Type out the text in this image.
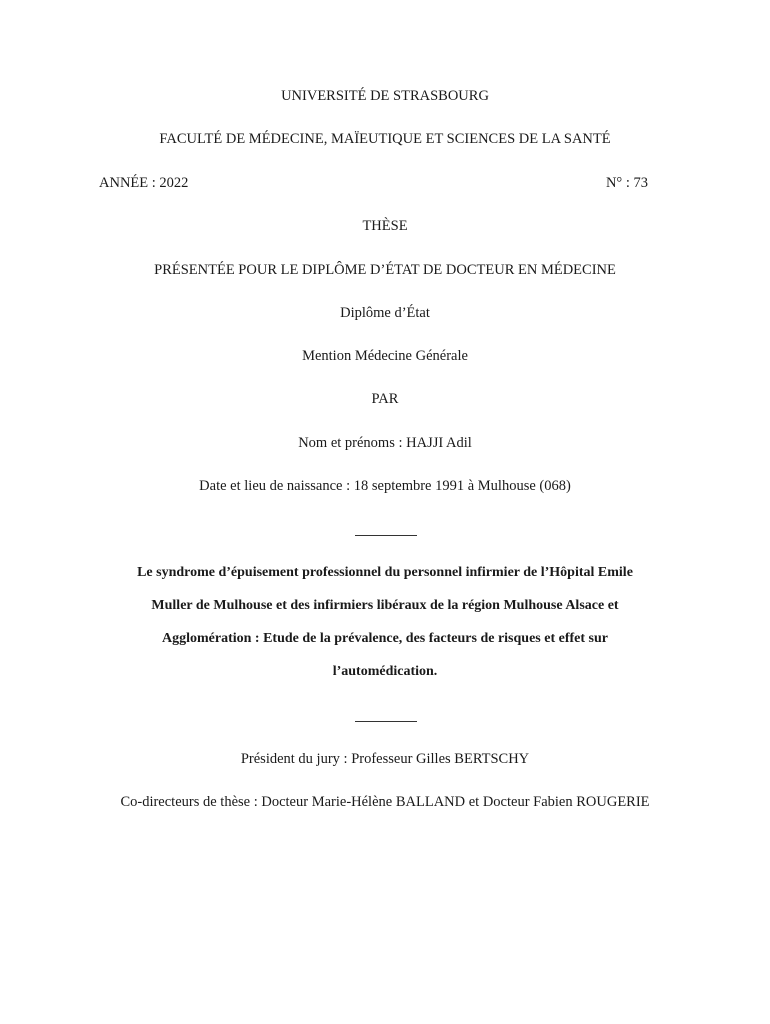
UNIVERSITÉ DE STRASBOURG
FACULTÉ DE MÉDECINE, MAÏEUTIQUE ET SCIENCES DE LA SANTÉ
ANNÉE : 2022	N° : 73
THÈSE
PRÉSENTÉE POUR LE DIPLÔME D’ÉTAT DE DOCTEUR EN MÉDECINE
Diplôme d’État
Mention Médecine Générale
PAR
Nom et prénoms : HAJJI Adil
Date et lieu de naissance : 18 septembre 1991 à Mulhouse (068)
Le syndrome d’épuisement professionnel du personnel infirmier de l’Hôpital Emile
Muller de Mulhouse et des infirmiers libéraux de la région Mulhouse Alsace et
Agglomération : Etude de la prévalence, des facteurs de risques et effet sur
l’automédication.
Président du jury : Professeur Gilles BERTSCHY
Co-directeurs de thèse : Docteur Marie-Hélène BALLAND et Docteur Fabien ROUGERIE
